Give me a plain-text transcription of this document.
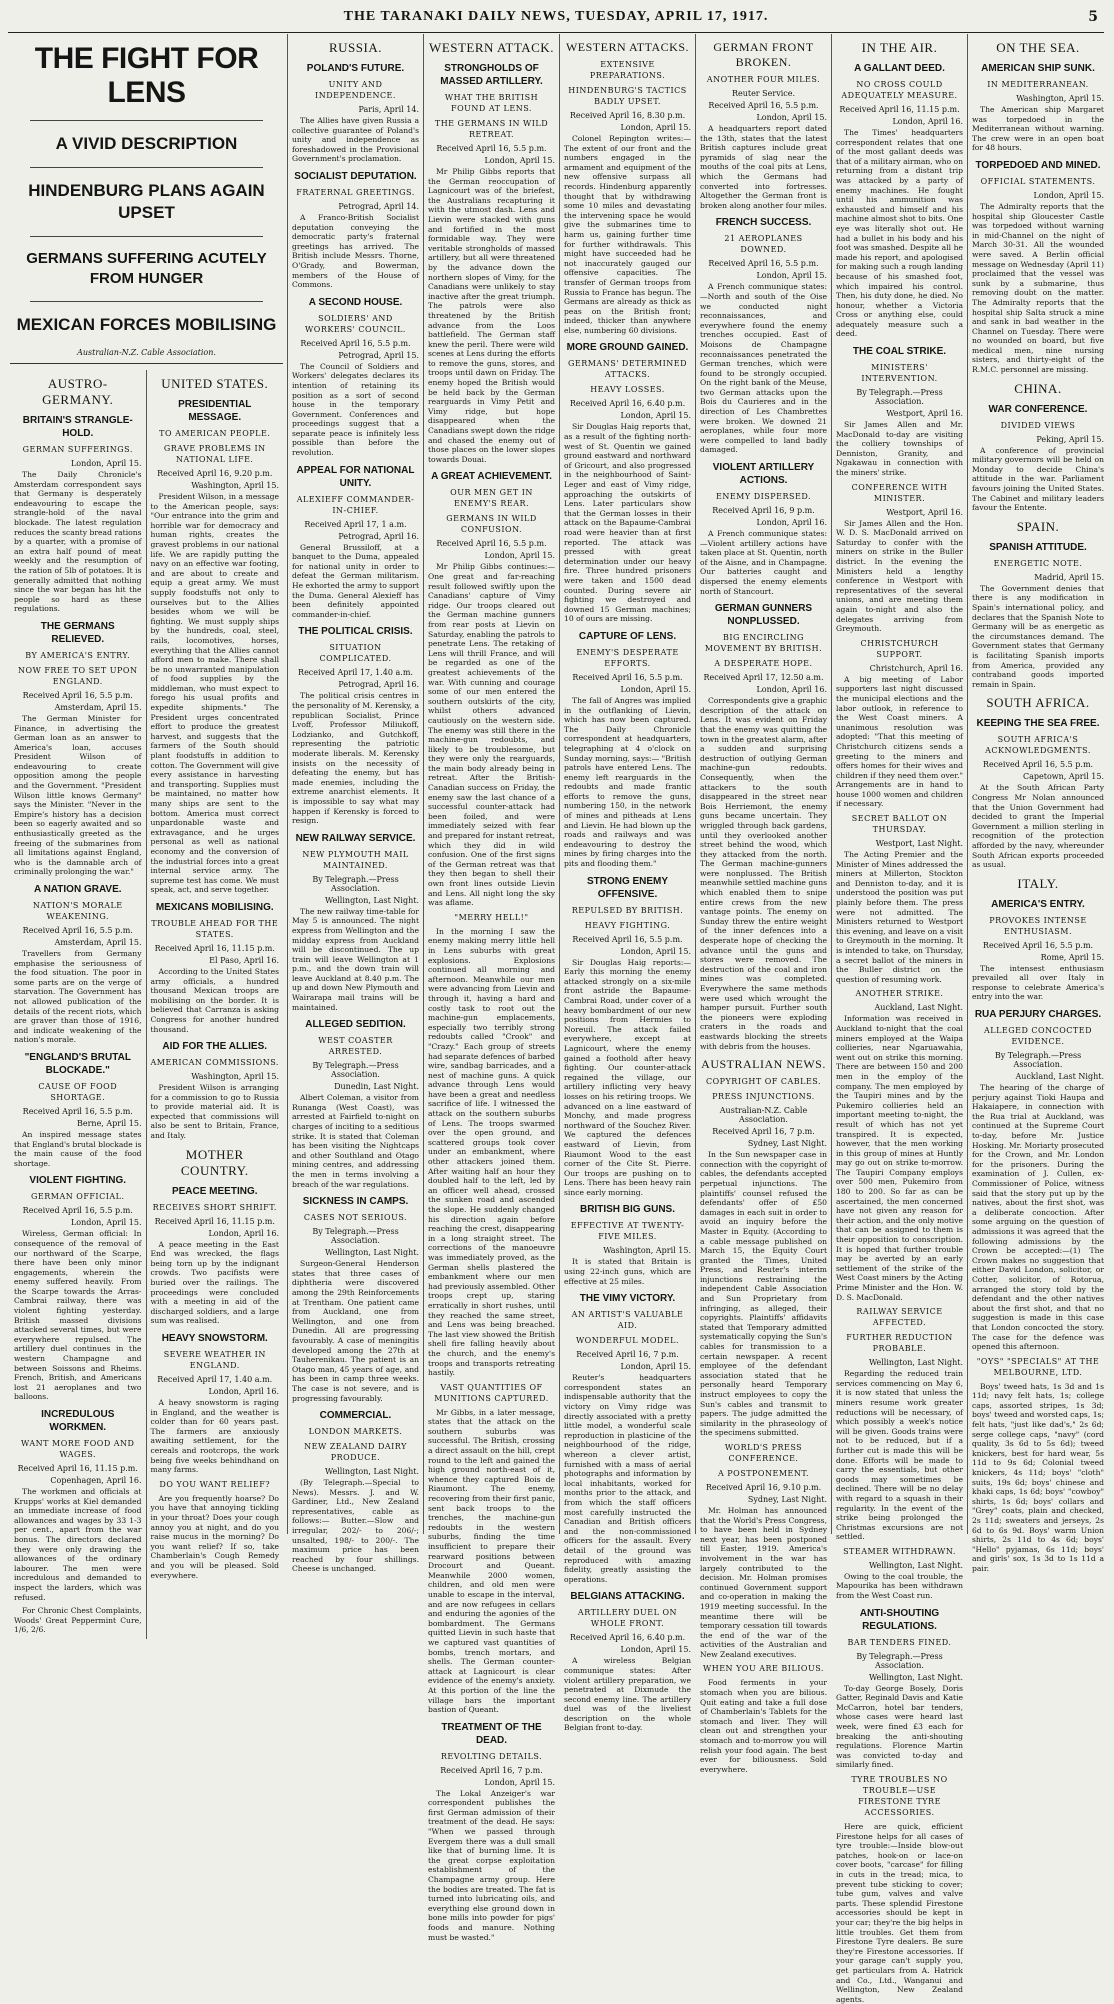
THE TARANAKI DAILY NEWS, TUESDAY, APRIL 17, 1917.	5
THE FIGHT FOR LENS
A VIVID DESCRIPTION
HINDENBURG PLANS AGAIN UPSET
GERMANS SUFFERING ACUTELY FROM HUNGER
MEXICAN FORCES MOBILISING
Australian-N.Z. Cable Association.
AUSTRO-GERMANY.
BRITAIN'S STRANGLE-HOLD.
GERMAN SUFFERINGS.
London, April 15.

The Daily Chronicle's Amsterdam correspondent says that Germany is desperately endeavouring to escape the strangle-hold of the naval blockade. The latest regulation reduces the scanty bread rations by a quarter, with a promise of an extra half pound of meat weekly and the resumption of the ration of 5lb of potatoes. It is generally admitted that nothing since the war began has hit the people so hard as these regulations.

THE GERMANS RELIEVED.
BY AMERICA'S ENTRY.
NOW FREE TO SET UPON ENGLAND.
Received April 16, 5.5 p.m.
Amsterdam, April 15.

The German Minister for Finance, in advertising the German loan as an answer to America's loan, accuses President Wilson of endeavouring to create opposition among the people and the Government. "President Wilson little knows Germany" says the Minister. "Never in the Empire's history has a decision been so eagerly awaited and so enthusiastically greeted as the freeing of the submarines from all limitations against England, who is the damnable arch of criminally prolonging the war."

A NATION GRAVE.
NATION'S MORALE WEAKENING.
Received April 16, 5.5 p.m.
Amsterdam, April 15.

Travellers from Germany emphasise the seriousness of the food situation. The poor in some parts are on the verge of starvation. The Government has not allowed publication of the details of the recent riots, which are graver than those of 1916, and indicate weakening of the nation's morale.

"ENGLAND'S BRUTAL BLOCKADE."
CAUSE OF FOOD SHORTAGE.
Received April 16, 5.5 p.m.
Berne, April 15.

An inspired message states that England's brutal blockade is the main cause of the food shortage.

VIOLENT FIGHTING.
GERMAN OFFICIAL.
Received April 16, 5.5 p.m.
London, April 15.

Wireless, German official: In consequence of the removal of our northward of the Scarpe, there have been only minor engagements, wherein the enemy suffered heavily. From the Scarpe towards the Arras-Cambrai railway, there was violent fighting yesterday. British massed divisions attacked several times, but were everywhere repulsed. The artillery duel continues in the western Champagne and between Soissons and Rheims. French, British, and Americans lost 21 aeroplanes and two balloons.

INCREDULOUS WORKMEN.
WANT MORE FOOD AND WAGES.
Received April 16, 11.15 p.m.
Copenhagen, April 16.

The workmen and officials at Krupps' works at Kiel demanded an immediate increase of food allowances and wages by 33 1-3 per cent., apart from the war bonus. The directors declared they were only drawing the allowances of the ordinary labourer. The men were incredulous and demanded to inspect the larders, which was refused.

For Chronic Chest Complaints, Woods' Great Peppermint Cure, 1/6, 2/6.

UNITED STATES.
PRESIDENTIAL MESSAGE.
TO AMERICAN PEOPLE.
GRAVE PROBLEMS IN NATIONAL LIFE.
Received April 16, 9.20 p.m.
Washington, April 15.

President Wilson, in a message to the American people, says: "Our entrance into the grim and horrible war for democracy and human rights, creates the gravest problems in our national life. We are rapidly putting the navy on an effective war footing, and are about to create and equip a great army. We must supply foodstuffs not only to ourselves but to the Allies besides whom we will be fighting. We must supply ships by the hundreds, coal, steel, rails, locomotives, horses, everything that the Allies cannot afford men to make. There shall be no unwarranted manipulation of food supplies by the middleman, who must expect to forego his usual profits and expedite shipments." The President urges concentrated effort to produce the greatest harvest, and suggests that the farmers of the South should plant foodstuffs in addition to cotton. The Government will give every assistance in harvesting and transporting. Supplies must be maintained, no matter how many ships are sent to the bottom. America must correct unpardonable waste and extravagance, and he urges personal as well as national economy and the conversion of the industrial forces into a great internal service army. The supreme test has come. We must speak, act, and serve together.

MEXICANS MOBILISING.
TROUBLE AHEAD FOR THE STATES.
Received April 16, 11.15 p.m.
El Paso, April 16.

According to the United States army officials, a hundred thousand Mexican troops are mobilising on the border. It is believed that Carranza is asking Congress for another hundred thousand.

AID FOR THE ALLIES.
AMERICAN COMMISSIONS.
Washington, April 15.

President Wilson is arranging for a commission to go to Russia to provide material aid. It is expected that commissions will also be sent to Britain, France, and Italy.

MOTHER COUNTRY.
PEACE MEETING.
RECEIVES SHORT SHRIFT.
Received April 16, 11.15 p.m.
London, April 16.

A peace meeting in the East End was wrecked, the flags being torn up by the indignant crowds. Two pacifists were buried over the railings. The proceedings were concluded with a meeting in aid of the discharged soldiers, and a large sum was realised.

HEAVY SNOWSTORM.
SEVERE WEATHER IN ENGLAND.
Received April 17, 1.40 a.m.
London, April 16.

A heavy snowstorm is raging in England, and the weather is colder than for 60 years past. The farmers are anxiously awaiting settlement, for the cereals and rootcrops, the work being five weeks behindhand on many farms.

DO YOU WANT RELIEF?

Are you frequently hoarse? Do you have that annoying tickling in your throat? Does your cough annoy you at night, and do you raise mucus in the morning? Do you want relief? If so, take Chamberlain's Cough Remedy and you will be pleased. Sold everywhere.

RUSSIA.
POLAND'S FUTURE.
UNITY AND INDEPENDENCE.
Paris, April 14.

The Allies have given Russia a collective guarantee of Poland's unity and independence as foreshadowed in the Provisional Government's proclamation.

SOCIALIST DEPUTATION.
FRATERNAL GREETINGS.
Petrograd, April 14.

A Franco-British Socialist deputation conveying the democratic party's fraternal greetings has arrived. The British include Messrs. Thorne, O'Grady, and Bowerman, members of the House of Commons.

A SECOND HOUSE.
SOLDIERS' AND WORKERS' COUNCIL.
Received April 16, 5.5 p.m.
Petrograd, April 15.

The Council of Soldiers and Workers' delegates declares its intention of retaining its position as a sort of second house in the temporary Government. Conferences and proceedings suggest that a separate peace is infinitely less possible than before the revolution.

APPEAL FOR NATIONAL UNITY.
ALEXIEFF COMMANDER-IN-CHIEF.
Received April 17, 1 a.m.
Petrograd, April 16.

General Brussiloff, at a banquet to the Duma, appealed for national unity in order to defeat the German militarism. He exhorted the army to support the Duma. General Alexieff has been definitely appointed commander-in-chief.

THE POLITICAL CRISIS.
SITUATION COMPLICATED.
Received April 17, 1.40 a.m.
Petrograd, April 16.

The political crisis centres in the personality of M. Kerensky, a republican Socialist, Prince Lvoff, Professor Miliukoff, Lodzianko, and Gutchkoff, representing the patriotic moderate liberals. M. Kerensky insists on the necessity of defeating the enemy, but has made enemies, including the extreme anarchist elements. It is impossible to say what may happen if Kerensky is forced to resign.

NEW RAILWAY SERVICE.
NEW PLYMOUTH MAIL MAINTAINED.
By Telegraph.—Press Association.
Wellington, Last Night.

The new railway time-table for May 5 is announced. The night express from Wellington and the midday express from Auckland will be discontinued. The up train will leave Wellington at 1 p.m., and the down train will leave Auckland at 8.40 p.m. The up and down New Plymouth and Wairarapa mail trains will be maintained.

ALLEGED SEDITION.
WEST COASTER ARRESTED.
By Telegraph.—Press Association.
Dunedin, Last Night.

Albert Coleman, a visitor from Runanga (West Coast), was arrested at Fairfield to-night on charges of inciting to a seditious strike. It is stated that Coleman has been visiting the Nightcaps and other Southland and Otago mining centres, and addressing the men in terms involving a breach of the war regulations.

SICKNESS IN CAMPS.
CASES NOT SERIOUS.
By Telegraph.—Press Association.
Wellington, Last Night.

Surgeon-General Henderson states that three cases of diphtheria were discovered among the 29th Reinforcements at Trentham. One patient came from Auckland, one from Wellington, and one from Dunedin. All are progressing favourably. A case of meningitis developed among the 27th at Tauherenikau. The patient is an Otago man, 45 years of age, and has been in camp three weeks. The case is not severe, and is progressing favourably.

COMMERCIAL.
LONDON MARKETS.
NEW ZEALAND DAIRY PRODUCE.
Wellington, Last Night.

(By Telegraph.—Special to News). Messrs. J. and W. Gardiner, Ltd., New Zealand representatives, cable as follows:— Butter.—Slow and irregular, 202/- to 206/-; unsalted, 198/- to 200/-. The maximum price has been reached by four shillings. Cheese is unchanged.

WESTERN ATTACK.
STRONGHOLDS OF MASSED ARTILLERY.
WHAT THE BRITISH FOUND AT LENS.
THE GERMANS IN WILD RETREAT.
Received April 16, 5.5 p.m.
London, April 15.

Mr Philip Gibbs reports that the German reoccupation of Lagnicourt was of the briefest, the Australians recapturing it with the utmost dash. Lens and Lievin were stacked with guns and fortified in the most formidable way. They were veritable strongholds of massed artillery, but all were threatened by the advance down the northern slopes of Vimy, for the Canadians were unlikely to stay inactive after the great triumph. The patrols were also threatened by the British advance from the Loos battlefield. The German staff knew the peril. There were wild scenes at Lens during the efforts to remove the guns, stores, and troops until dawn on Friday. The enemy hoped the British would be held back by the German rearguards in Vimy Petit and Vimy ridge, but hope disappeared when the Canadians swept down the ridge and chased the enemy out of those places on the lower slopes towards Douai.

A GREAT ACHIEVEMENT.
OUR MEN GET IN ENEMY'S REAR.
GERMANS IN WILD CONFUSION.
Received April 16, 5.5 p.m.
London, April 15.

Mr Philip Gibbs continues:—One great and far-reaching result followed swiftly upon the Canadians' capture of Vimy ridge. Our troops cleared out the German machine gunners from rear posts at Lievin on Saturday, enabling the patrols to penetrate Lens. The retaking of Lens will thrill France, and will be regarded as one of the greatest achievements of the war. With cunning and courage some of our men entered the southern outskirts of the city, whilst others advanced cautiously on the western side. The enemy was still there in the machine-gun redoubts, and likely to be troublesome, but they were only the rearguards, the main body already being in retreat. After the British-Canadian success on Friday, the enemy saw the last chance of a successful counter-attack had been foiled, and were immediately seized with fear and prepared for instant retreat, which they did in wild confusion. One of the first signs of the German retreat was that they then began to shell their own front lines outside Lievin and Lens. All night long the sky was aflame.

"MERRY HELL!"

In the morning I saw the enemy making merry little hell in Lens suburbs with great explosions. Explosions continued all morning and afternoon. Meanwhile our men were advancing from Lievin and through it, having a hard and costly task to root out the machine-gun emplacements, especially two terribly strong redoubts called "Crook" and "Crazy." Each group of streets had separate defences of barbed wire, sandbag barricades, and a nest of machine guns. A quick advance through Lens would have been a great and needless sacrifice of life. I witnessed the attack on the southern suburbs of Lens. The troops swarmed over the open ground, and scattered groups took cover under an embankment, where other attackers joined them. After waiting half an hour they doubled half to the left, led by an officer well ahead, crossed the sunken road and ascended the slope. He suddenly changed his direction again before reaching the crest, disappearing in a long straight street. The corrections of the manoeuvre was immediately proved, as the German shells plastered the embankment where our men had previously assembled. Other troops crept up, staring erratically in short rushes, until they reached the same street, and Lens was being breached. The last view showed the British shell fire falling heavily about the church, and the enemy's troops and transports retreating hastily.

VAST QUANTITIES OF MUNITIONS CAPTURED.

Mr Gibbs, in a later message, states that the attack on the southern suburbs was successful. The British, crossing a direct assault on the hill, crept round to the left and gained the high ground north-east of it, whence they captured Bois de Riaumont. The enemy, recovering from their first panic, sent back troops to the trenches, the machine-gun redoubts in the western suburbs, finding the time insufficient to prepare their rearward positions between Drocourt and Queant. Meanwhile 2000 women, children, and old men were unable to escape in the interval, and are now refugees in cellars and enduring the agonies of the bombardment. The Germans quitted Lievin in such haste that we captured vast quantities of bombs, trench mortars, and shells. The German counter-attack at Lagnicourt is clear evidence of the enemy's anxiety. At this portion of the line the village bars the important bastion of Queant.

TREATMENT OF THE DEAD.
REVOLTING DETAILS.
Received April 16, 7 p.m.
London, April 15.

The Lokal Anzeiger's war correspondent publishes the first German admission of their treatment of the dead. He says: "When we passed through Evergem there was a dull small like that of burning lime. It is the great corpse exploitation establishment of the Champagne army group. Here the bodies are treated. The fat is turned into lubricating oils, and everything else ground down in bone mills into powder for pigs' foods and manure. Nothing must be wasted."

WESTERN ATTACKS.
EXTENSIVE PREPARATIONS.
HINDENBURG'S TACTICS BADLY UPSET.
Received April 16, 8.30 p.m.
London, April 15.

Colonel Repington writes:—The extent of our front and the numbers engaged in the armament and equipment of the new offensive surpass all records. Hindenburg apparently thought that by withdrawing some 10 miles and devastating the intervening space he would give the submarines time to harm us, gaining further time for further withdrawals. This might have succeeded had he not inaccurately gauged our offensive capacities. The transfer of German troops from Russia to France has begun. The Germans are already as thick as peas on the British front; indeed, thicker than anywhere else, numbering 60 divisions.

MORE GROUND GAINED.
GERMANS' DETERMINED ATTACKS.
HEAVY LOSSES.
Received April 16, 6.40 p.m.
London, April 15.

Sir Douglas Haig reports that, as a result of the fighting north-west of St. Quentin we gained ground eastward and northward of Gricourt, and also progressed in the neighbourhood of Saint-Leger and east of Vimy ridge, approaching the outskirts of Lens. Later particulars show that the German losses in their attack on the Bapaume-Cambrai road were heavier than at first reported. The attack was pressed with great determination under our heavy fire. Three hundred prisoners were taken and 1500 dead counted. During severe air fighting we destroyed and downed 15 German machines; 10 of ours are missing.

CAPTURE OF LENS.
ENEMY'S DESPERATE EFFORTS.
Received April 16, 5.5 p.m.
London, April 15.

The fall of Angres was implied in the outflanking of Lievin, which has now been captured. The Daily Chronicle correspondent at headquarters, telegraphing at 4 o'clock on Sunday morning, says:— "British patrols have entered Lens. The enemy left rearguards in the redoubts and made frantic efforts to remove the guns, numbering 150, in the network of mines and pitheads at Lens and Lievin. He had blown up the roads and railways and was endeavouring to destroy the mines by firing charges into the pits and flooding them."

STRONG ENEMY OFFENSIVE.
REPULSED BY BRITISH.
HEAVY FIGHTING.
Received April 16, 5.5 p.m.
London, April 15.

Sir Douglas Haig reports:—Early this morning the enemy attacked strongly on a six-mile front astride the Bapaume-Cambrai Road, under cover of a heavy bombardment of our new positions from Hermies to Noreuil. The attack failed everywhere, except at Lagnicourt, where the enemy gained a foothold after heavy fighting. Our counter-attack regained the village, our artillery inflicting very heavy losses on his retiring troops. We advanced on a line eastward of Monchy, and made progress northward of the Souchez River. We captured the defences eastward of Lievin, from Riaumont Wood to the east corner of the Cite St. Pierre. Our troops are pushing on to Lens. There has been heavy rain since early morning.

BRITISH BIG GUNS.
EFFECTIVE AT TWENTY-FIVE MILES.
Washington, April 15.

It is stated that Britain is using 22-inch guns, which are effective at 25 miles.

THE VIMY VICTORY.
AN ARTIST'S VALUABLE AID.
WONDERFUL MODEL.
Received April 16, 7 p.m.
London, April 15.

Reuter's headquarters correspondent states an indispensable authority that the victory on Vimy ridge was directly associated with a pretty little model, a wonderful scale reproduction in plasticine of the neighbourhood of the ridge, whereon a clever artist, furnished with a mass of aerial photographs and information by local inhabitants, worked for months prior to the attack, and from which the staff officers most carefully instructed the Canadian and British officers and the non-commissioned officers for the assault. Every detail of the ground was reproduced with amazing fidelity, greatly assisting the operations.

BELGIANS ATTACKING.
ARTILLERY DUEL ON WHOLE FRONT.
Received April 16, 6.40 p.m.
London, April 15.

A wireless Belgian communique states: After violent artillery preparation, we penetrated at Dixmude the second enemy line. The artillery duel was of the liveliest description on the whole Belgian front to-day.

GERMAN FRONT BROKEN.
ANOTHER FOUR MILES.
Reuter Service.
Received April 16, 5.5 p.m.
London, April 15.

A headquarters report dated the 13th, states that the latest British captures include great pyramids of slag near the mouths of the coal pits at Lens, which the Germans had converted into fortresses. Altogether the German front is broken along another four miles.

FRENCH SUCCESS.
21 AEROPLANES DOWNED.
Received April 16, 5.5 p.m.
London, April 15.

A French communique states:—North and south of the Oise we conducted night reconnaissances, and everywhere found the enemy trenches occupied. East of Moisons de Champagne reconnaissances penetrated the German trenches, which were found to be strongly occupied. On the right bank of the Meuse, two German attacks upon the Bois du Caurieres and in the direction of Les Chambrettes were broken. We downed 21 aeroplanes, while four more were compelled to land badly damaged.

VIOLENT ARTILLERY ACTIONS.
ENEMY DISPERSED.
Received April 16, 9 p.m.
London, April 16.

A French communique states:—Violent artillery actions have taken place at St. Quentin, north of the Aisne, and in Champagne. Our batteries caught and dispersed the enemy elements north of Stancourt.

GERMAN GUNNERS NONPLUSSED.
BIG ENCIRCLING MOVEMENT BY BRITISH.
A DESPERATE HOPE.
Received April 17, 12.50 a.m.
London, April 16.

Correspondents give a graphic description of the attack on Lens. It was evident on Friday that the enemy was quitting the town in the greatest alarm, after a sudden and surprising destruction of outlying German machine-gun redoubts. Consequently, when the attackers to the south disappeared in the street near Bois Herriemont, the enemy guns became uncertain. They wriggled through back gardens, until they overlooked another street behind the wood, which they attacked from the north. The German machine-gunners were nonplussed. The British meanwhile settled machine guns which enabled them to snipe entire crews from the new vantage points. The enemy on Sunday threw the entire weight of the inner defences into a desperate hope of checking the advance until the guns and stores were removed. The destruction of the coal and iron mines was completed. Everywhere the same methods were used which wrought the hamper pursuit. Further south the pioneers were exploding craters in the roads and eastwards blocking the streets with debris from the houses.

AUSTRALIAN NEWS.
COPYRIGHT OF CABLES.
PRESS INJUNCTIONS.
Australian-N.Z. Cable Association.
Received April 16, 7 p.m.
Sydney, Last Night.

In the Sun newspaper case in connection with the copyright of cables, the defendants accepted perpetual injunctions. The plaintiffs' counsel refused the defendants' offer of £50 damages in each suit in order to avoid an inquiry before the Master in Equity. (According to a cable message published on March 15, the Equity Court granted the Times, United Press, and Reuter's interim injunctions restraining the independent Cable Association and Sun Proprietary from infringing, as alleged, their copyrights. Plaintiffs' affidavits stated that Temporary admitted systematically copying the Sun's cables for transmission to a certain newspaper. A recent employee of the defendant association stated that he personally heard Temporary instruct employees to copy the Sun's cables and transmit to papers. The judge admitted the similarity in the phraseology of the specimens submitted.

WORLD'S PRESS CONFERENCE.
A POSTPONEMENT.
Received April 16, 9.10 p.m.
Sydney, Last Night.

Mr. Holman has announced that the World's Press Congress, to have been held in Sydney next year, has been postponed till Easter, 1919. America's involvement in the war has largely contributed to the decision. Mr. Holman promises continued Government support and co-operation in making the 1919 meeting successful. In the meantime there will be temporary cessation till towards the end of the war of the activities of the Australian and New Zealand executives.

WHEN YOU ARE BILIOUS.

Food ferments in your stomach when you are bilious. Quit eating and take a full dose of Chamberlain's Tablets for the stomach and liver. They will clean out and strengthen your stomach and to-morrow you will relish your food again. The best ever for biliousness. Sold everywhere.

IN THE AIR.
A GALLANT DEED.
NO CROSS COULD ADEQUATELY MEASURE.
Received April 16, 11.15 p.m.
London, April 16.

The Times' headquarters correspondent relates that one of the most gallant deeds was that of a military airman, who on returning from a distant trip was attacked by a party of enemy machines. He fought until his ammunition was exhausted and himself and his machine almost shot to bits. One eye was literally shot out. He had a bullet in his body and his foot was smashed. Despite all he made his report, and apologised for making such a rough landing because of his smashed foot, which impaired his control. Then, his duty done, he died. No honour, whether a Victoria Cross or anything else, could adequately measure such a deed.

THE COAL STRIKE.
MINISTERS' INTERVENTION.
By Telegraph.—Press Association.
Westport, April 16.

Sir James Allen and Mr. MacDonald to-day are visiting the colliery townships of Denniston, Granity, and Ngakawau in connection with the miners' strike.

CONFERENCE WITH MINISTER.
Westport, April 16.

Sir James Allen and the Hon. W. D. S. MacDonald arrived on Saturday to confer with the miners on strike in the Buller district. In the evening the Ministers held a lengthy conference in Westport with representatives of the several unions, and are meeting them again to-night and also the delegates arriving from Greymouth.

CHRISTCHURCH SUPPORT.
Christchurch, April 16.

A big meeting of Labor supporters last night discussed the municipal elections and the labor outlook, in reference to the West Coast miners. A unanimous resolution was adopted: "That this meeting of Christchurch citizens sends a greeting to the miners and offers homes for their wives and children if they need them over." Arrangements are in hand to house 1000 women and children if necessary.

SECRET BALLOT ON THURSDAY.
Westport, Last Night.

The Acting Premier and the Minister of Mines addressed the miners at Millerton, Stockton and Denniston to-day, and it is understood the position was put plainly before them. The press were not admitted. The Ministers returned to Westport this evening, and leave on a visit to Greymouth in the morning. It is intended to take, on Thursday, a secret ballot of the miners in the Buller district on the question of resuming work.

ANOTHER STRIKE.
Auckland, Last Night.

Information was received in Auckland to-night that the coal miners employed at the Waipa collieries, near Ngaruawahia, went out on strike this morning. There are between 150 and 200 men in the employ of the company. The men employed by the Taupiri mines and by the Pukemiro collieries held an important meeting to-night, the result of which has not yet transpired. It is expected, however, that the men working in this group of mines at Huntly may go out on strike to-morrow. The Taupiri Company employs over 500 men, Pukemiro from 180 to 200. So far as can be ascertained, the men concerned have not given any reason for their action, and the only motive that can be assigned to them is their opposition to conscription. It is hoped that further trouble may be averted by an early settlement of the strike of the West Coast miners by the Acting Prime Minister and the Hon. W. D. S. MacDonald.

RAILWAY SERVICE AFFECTED.
FURTHER REDUCTION PROBABLE.
Wellington, Last Night.

Regarding the reduced train services commencing on May 6, it is now stated that unless the miners resume work greater reductions will be necessary, of which possibly a week's notice will be given. Goods trains were not to be reduced, but if a further cut is made this will be done. Efforts will be made to carry the essentials, but other goods may sometimes be declined. There will be no delay with regard to a squash in their regularity. In the event of the strike being prolonged the Christmas excursions are not settled.

STEAMER WITHDRAWN.
Wellington, Last Night.

Owing to the coal trouble, the Mapourika has been withdrawn from the West Coast run.

ANTI-SHOUTING REGULATIONS.
BAR TENDERS FINED.
By Telegraph.—Press Association.
Wellington, Last Night.

To-day George Bosely, Doris Gatter, Reginald Davis and Katie McCarron, hotel bar tenders, whose cases were heard last week, were fined £3 each for breaking the anti-shouting regulations. Florence Martin was convicted to-day and similarly fined.

TYRE TROUBLES NO TROUBLE—USE FIRESTONE TYRE ACCESSORIES.

Here are quick, efficient Firestone helps for all cases of tyre trouble:—Inside blow-out patches, hook-on or lace-on cover boots, "carcase" for filling in cuts in the tread; mica, to prevent tube sticking to cover; tube gum, valves and valve parts. These splendid Firestone accessories should be kept in your car; they're the big helps in little troubles. Get them from Firestone Tyre dealers. Be sure they're Firestone accessories. If your garage can't supply you, get particulars from A. Hatrick and Co., Ltd., Wanganui and Wellington, New Zealand agents.

ON THE SEA.
AMERICAN SHIP SUNK.
IN MEDITERRANEAN.
Washington, April 15.

The American ship Margaret was torpedoed in the Mediterranean without warning. The crew were in an open boat for 48 hours.

TORPEDOED AND MINED.
OFFICIAL STATEMENTS.
London, April 15.

The Admiralty reports that the hospital ship Gloucester Castle was torpedoed without warning in mid-Channel on the night of March 30-31. All the wounded were saved. A Berlin official message on Wednesday (April 11) proclaimed that the vessel was sunk by a submarine, thus removing doubt on the matter. The Admiralty reports that the hospital ship Salta struck a mine and sank in bad weather in the Channel on Tuesday. There were no wounded on board, but five medical men, nine nursing sisters, and thirty-eight of the R.M.C. personnel are missing.

CHINA.
WAR CONFERENCE.
DIVIDED VIEWS
Peking, April 15.

A conference of provincial military governors will be held on Monday to decide China's attitude in the war. Parliament favours joining the United States. The Cabinet and military leaders favour the Entente.

SPAIN.
SPANISH ATTITUDE.
ENERGETIC NOTE.
Madrid, April 15.

The Government denies that there is any modification in Spain's international policy, and declares that the Spanish Note to Germany will be as energetic as the circumstances demand. The Government states that Germany is facilitating Spanish imports from America, provided any contraband goods imported remain in Spain.

SOUTH AFRICA.
KEEPING THE SEA FREE.
SOUTH AFRICA'S ACKNOWLEDGMENTS.
Received April 16, 5.5 p.m.
Capetown, April 15.

At the South African Party Congress Mr Nolan announced that the Union Government had decided to grant the Imperial Government a million sterling in recognition of the protection afforded by the navy, whereunder South African exports proceeded as usual.

ITALY.
AMERICA'S ENTRY.
PROVOKES INTENSE ENTHUSIASM.
Received April 16, 5.5 p.m.
Rome, April 15.

The intensest enthusiasm prevailed all over Italy in response to celebrate America's entry into the war.

RUA PERJURY CHARGES.
ALLEGED CONCOCTED EVIDENCE.
By Telegraph.—Press Association.
Auckland, Last Night.

The hearing of the charge of perjury against Tioki Haupa and Hakaiapere, in connection with the Rua trial at Auckland, was continued at the Supreme Court to-day, before Mr. Justice Hosking. Mr. Moriarty prosecuted for the Crown, and Mr. London for the prisoners. During the examination of J. Cullen, ex-Commissioner of Police, witness said that the story put up by the natives, about the first shot, was a deliberate concoction. After some arguing on the question of admissions it was agreed that the following admissions by the Crown be accepted:—(1) The Crown makes no suggestion that either David London, solicitor, or Cotter, solicitor, of Rotorua, arranged the story told by the defendant and the other natives about the first shot, and that no suggestion is made in this case that London concocted the story. The case for the defence was opened this afternoon.

"OYS" "SPECIALS" AT THE MELBOURNE, LTD.

Boys' tweed hats, 1s 3d and 1s 11d; navy felt hats, 1s; college caps, assorted stripes, 1s 3d; boys' tweed and worsted caps, 1s; felt hats, "just like dad's," 2s 6d; serge college caps, "navy" (cord quality, 3s 6d to 5s 6d); tweed knickers, best for hard wear, 5s 11d to 9s 6d; Colonial tweed knickers, 4s 11d; boys' "cloth" suits, 19s 6d; boys' chinese and khaki caps, 1s 6d; boys' "cowboy" shirts, 1s 6d; boys' collars and "Grey" coats, plain and checked, 2s 11d; sweaters and jerseys, 2s 6d to 6s 9d. Boys' warm Union shirts, 2s 11d to 4s 6d; boys' "Hello" pyjamas, 6s 11d; boys' and girls' sox, 1s 3d to 1s 11d a pair.
